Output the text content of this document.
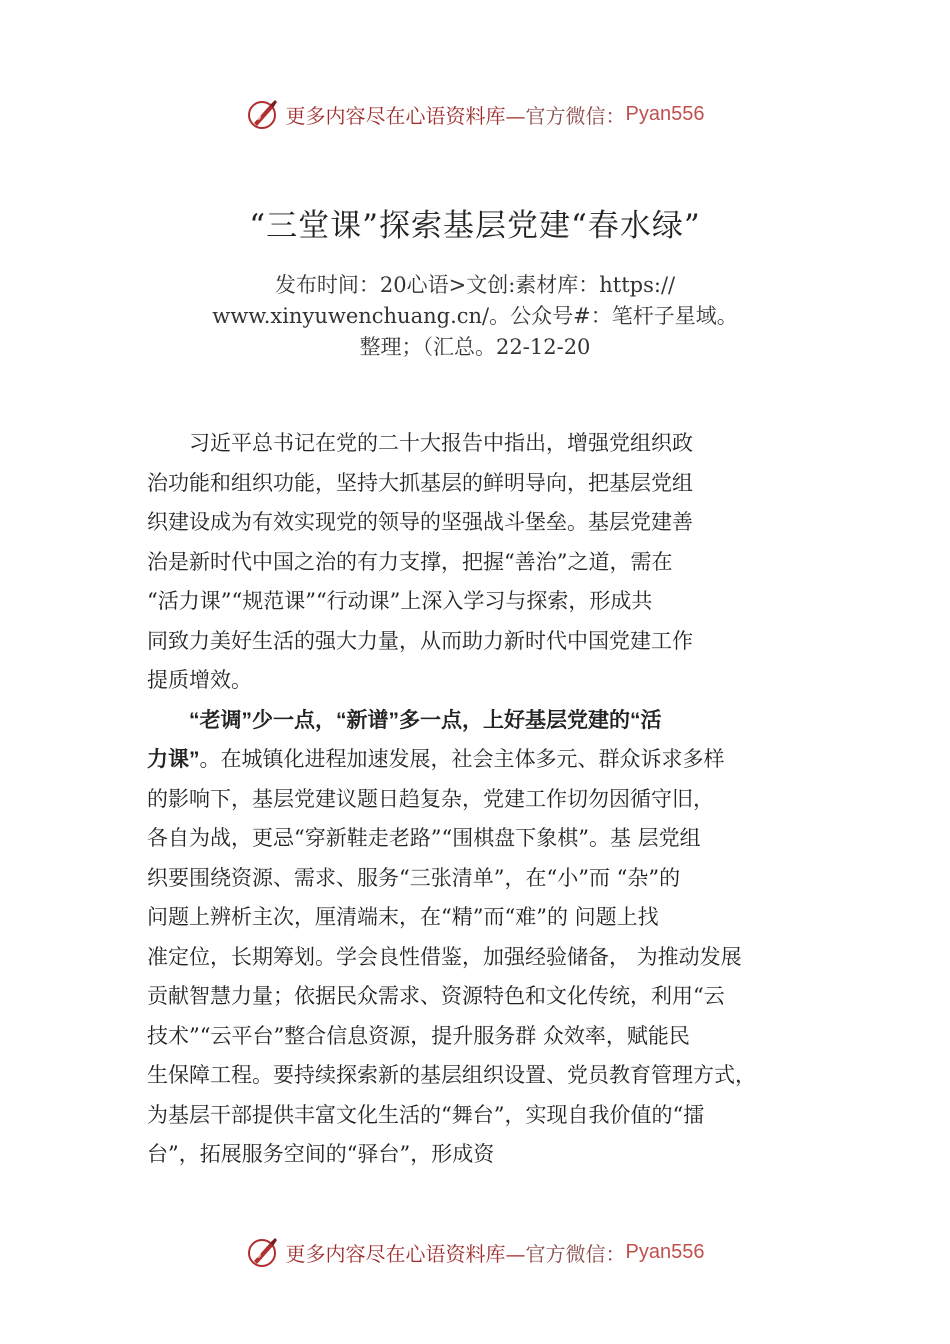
更多内容尽在心语资料库— 官方微信： Pyan556
“三堂课”探索基层党建“春水绿”
发布时间：20心语>文创:素材库：https://
www.xinyuwenchuang.cn/。公众号#：笔杆子星域。
整理；（汇总。22-12-20
　　习近平总书记在党的二十大报告中指出，增强党组织政
治功能和组织功能，坚持大抓基层的鲜明导向，把基层党组
织建设成为有效实现党的领导的坚强战斗堡垒。基层党建善
治是新时代中国之治的有力支撑，把握“善治”之道，需在
“活力课”“规范课”“行动课”上深入学习与探索，形成共
同致力美好生活的强大力量，从而助力新时代中国党建工作
提质增效。
　　“老调”少一点，“新谱”多一点，上好基层党建的“活
力课”。在城镇化进程加速发展，社会主体多元、群众诉求多样
的影响下，基层党建议题日趋复杂，党建工作切勿因循守旧，
各自为战，更忌“穿新鞋走老路”“围棋盘下象棋”。基 层党组
织要围绕资源、需求、服务“三张清单”，在“小”而 “杂”的
问题上辨析主次，厘清端末，在“精”而“难”的 问题上找
准定位，长期筹划。学会良性借鉴，加强经验储备， 为推动发展
贡献智慧力量；依据民众需求、资源特色和文化传统，利用“云
技术”“云平台”整合信息资源，提升服务群 众效率，赋能民
生保障工程。要持续探索新的基层组织设置、党员教育管理方式，
为基层干部提供丰富文化生活的“舞台”，实现自我价值的“擂
台”，拓展服务空间的“驿台”，形成资
更多内容尽在心语资料库— 官方微信： Pyan556
